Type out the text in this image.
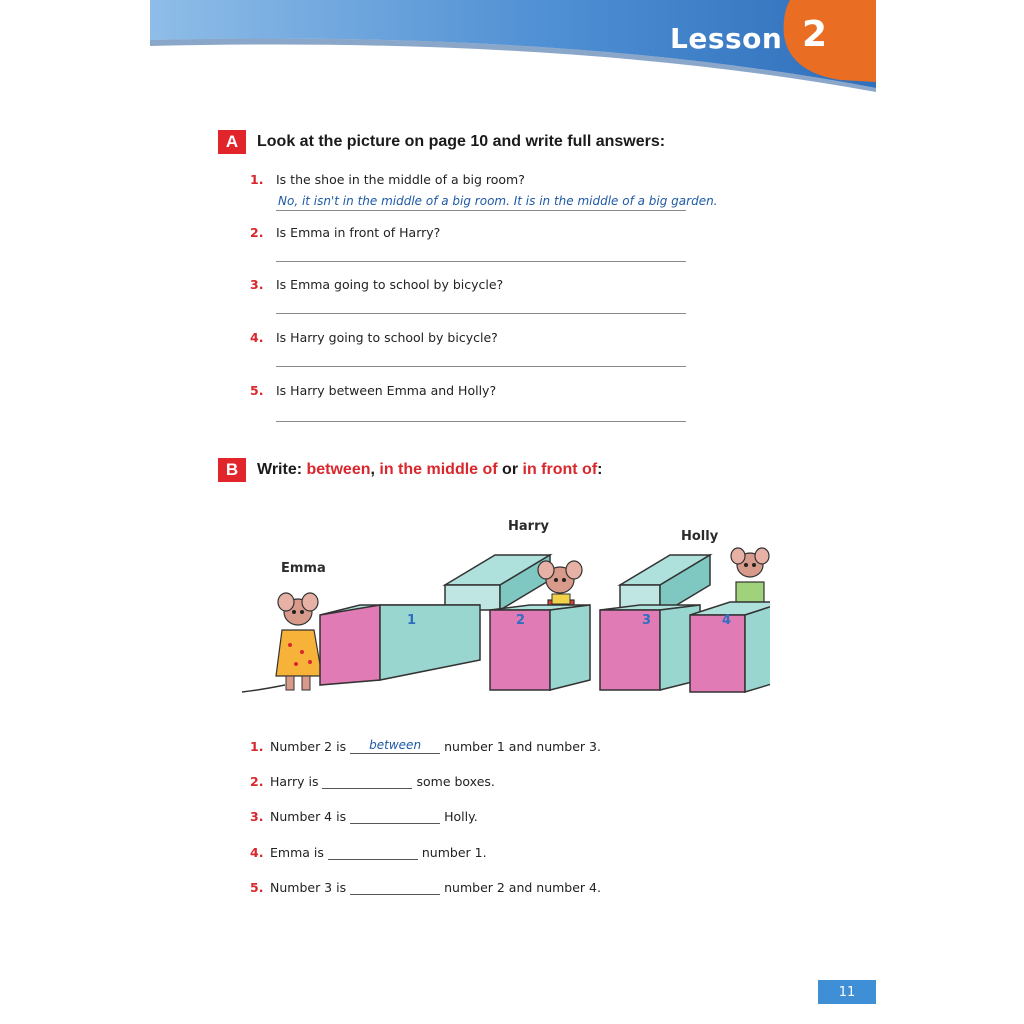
Lesson 2
A	Look at the picture on page 10 and write full answers:
1. Is the shoe in the middle of a big room?
No, it isn't in the middle of a big room. It is in the middle of a big garden.
2. Is Emma in front of Harry?
3. Is Emma going to school by bicycle?
4. Is Harry going to school by bicycle?
5. Is Harry between Emma and Holly?
B	Write: between, in the middle of or in front of:
Harry
Holly
Emma
1	2	3	4
1. Number 2 is	between	number 1 and number 3.
2. Harry is	some boxes.
3. Number 4 is	Holly.
4. Emma is	number 1.
5. Number 3 is	number 2 and number 4.
11
